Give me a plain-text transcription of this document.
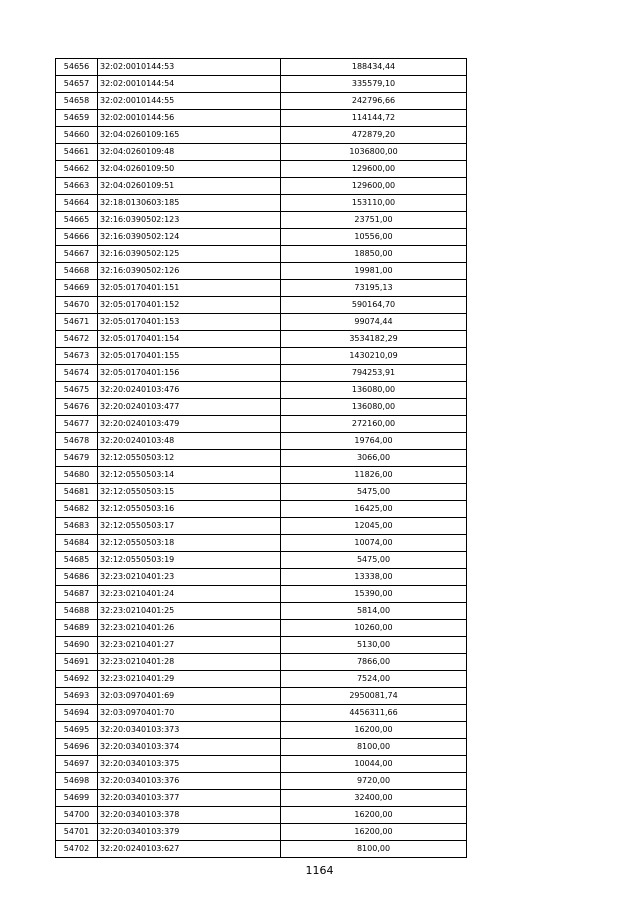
54656	32:02:0010144:53	188434,44
54657	32:02:0010144:54	335579,10
54658	32:02:0010144:55	242796,66
54659	32:02:0010144:56	114144,72
54660	32:04:0260109:165	472879,20
54661	32:04:0260109:48	1036800,00
54662	32:04:0260109:50	129600,00
54663	32:04:0260109:51	129600,00
54664	32:18:0130603:185	153110,00
54665	32:16:0390502:123	23751,00
54666	32:16:0390502:124	10556,00
54667	32:16:0390502:125	18850,00
54668	32:16:0390502:126	19981,00
54669	32:05:0170401:151	73195,13
54670	32:05:0170401:152	590164,70
54671	32:05:0170401:153	99074,44
54672	32:05:0170401:154	3534182,29
54673	32:05:0170401:155	1430210,09
54674	32:05:0170401:156	794253,91
54675	32:20:0240103:476	136080,00
54676	32:20:0240103:477	136080,00
54677	32:20:0240103:479	272160,00
54678	32:20:0240103:48	19764,00
54679	32:12:0550503:12	3066,00
54680	32:12:0550503:14	11826,00
54681	32:12:0550503:15	5475,00
54682	32:12:0550503:16	16425,00
54683	32:12:0550503:17	12045,00
54684	32:12:0550503:18	10074,00
54685	32:12:0550503:19	5475,00
54686	32:23:0210401:23	13338,00
54687	32:23:0210401:24	15390,00
54688	32:23:0210401:25	5814,00
54689	32:23:0210401:26	10260,00
54690	32:23:0210401:27	5130,00
54691	32:23:0210401:28	7866,00
54692	32:23:0210401:29	7524,00
54693	32:03:0970401:69	2950081,74
54694	32:03:0970401:70	4456311,66
54695	32:20:0340103:373	16200,00
54696	32:20:0340103:374	8100,00
54697	32:20:0340103:375	10044,00
54698	32:20:0340103:376	9720,00
54699	32:20:0340103:377	32400,00
54700	32:20:0340103:378	16200,00
54701	32:20:0340103:379	16200,00
54702	32:20:0240103:627	8100,00
1164
